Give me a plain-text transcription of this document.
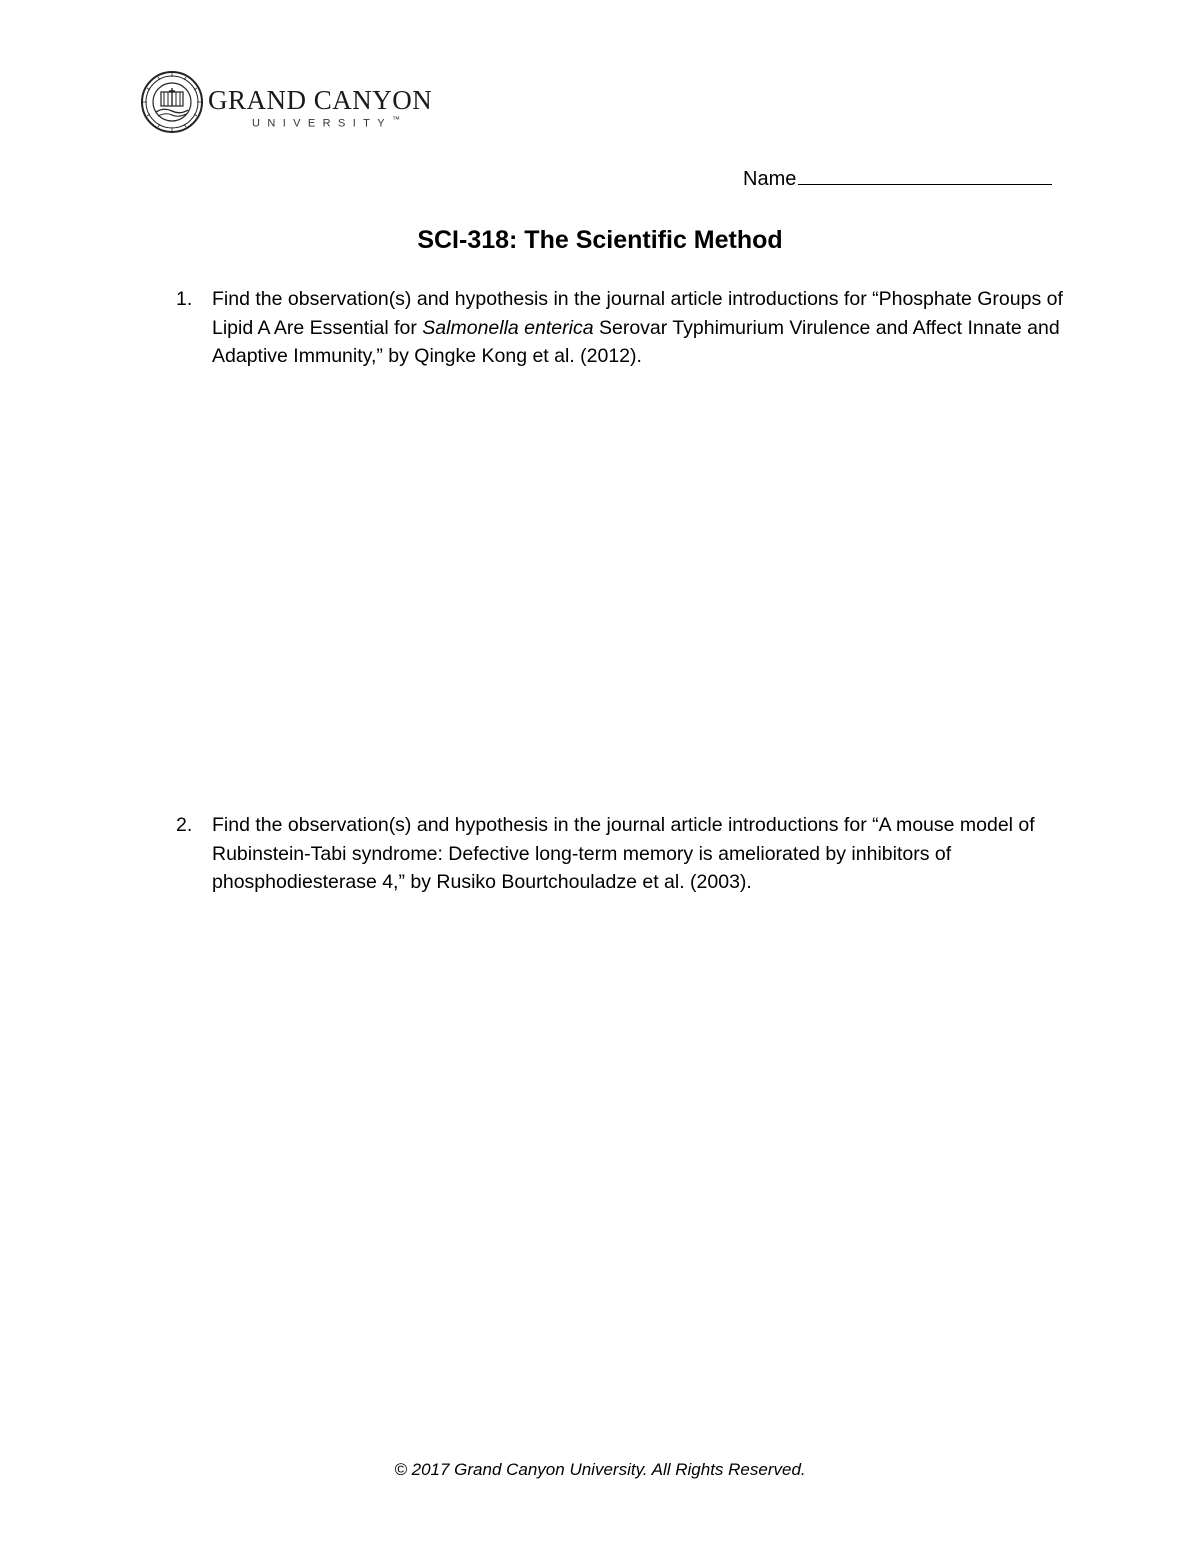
GRAND CANYON
UNIVERSITY™
Name
SCI-318: The Scientific Method
1. Find the observation(s) and hypothesis in the journal article introductions for “Phosphate Groups of Lipid A Are Essential for Salmonella enterica Serovar Typhimurium Virulence and Affect Innate and Adaptive Immunity,” by Qingke Kong et al. (2012).
2. Find the observation(s) and hypothesis in the journal article introductions for “A mouse model of Rubinstein-Tabi syndrome: Defective long-term memory is ameliorated by inhibitors of phosphodiesterase 4,” by Rusiko Bourtchouladze et al. (2003).
© 2017 Grand Canyon University. All Rights Reserved.
